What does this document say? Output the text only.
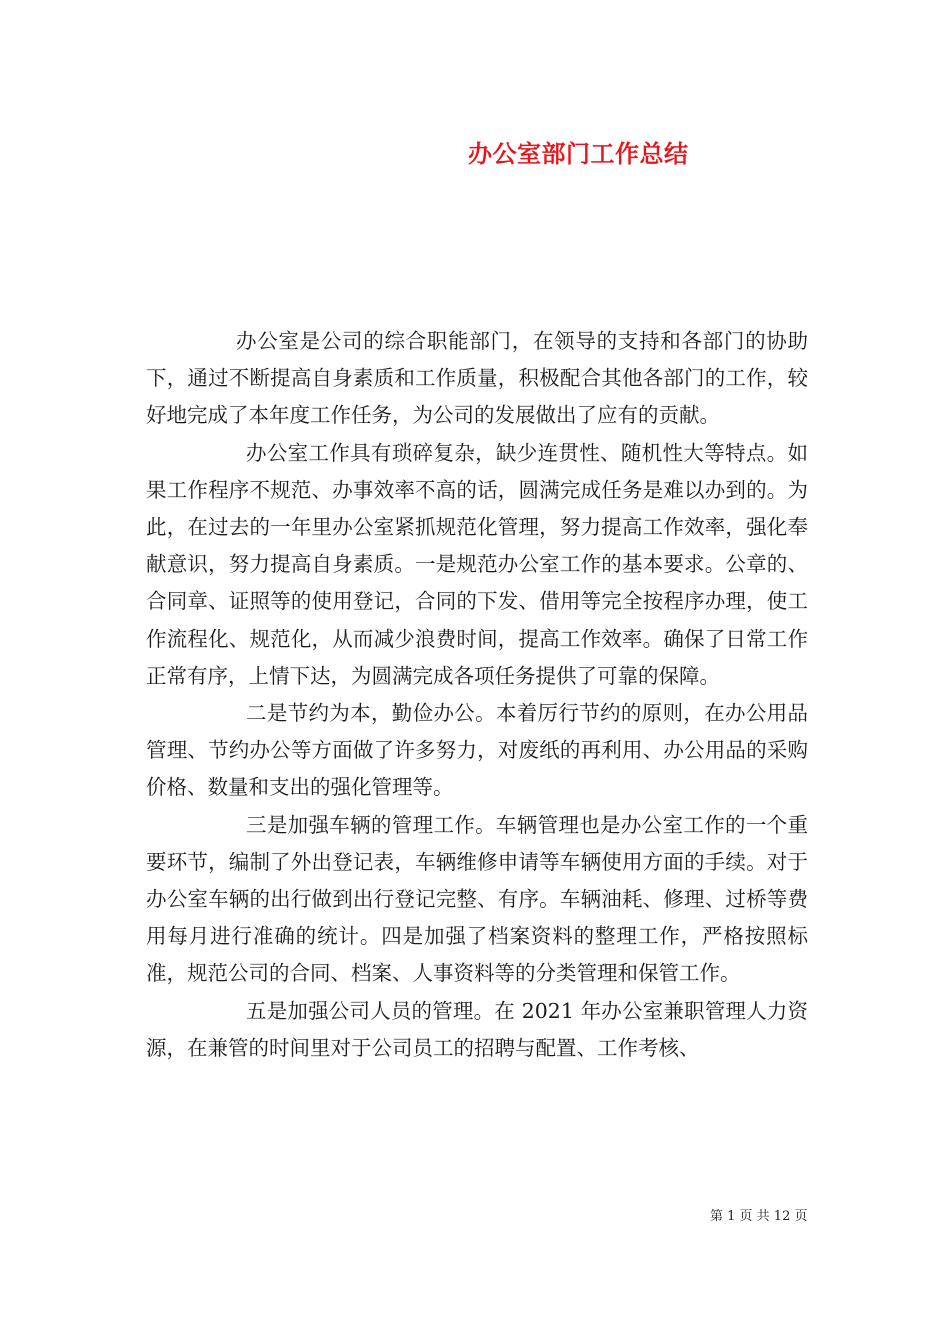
办公室部门工作总结

办公室是公司的综合职能部门，在领导的支持和各部门的协助下，通过不断提高自身素质和工作质量，积极配合其他各部门的工作，较好地完成了本年度工作任务，为公司的发展做出了应有的贡献。

办公室工作具有琐碎复杂，缺少连贯性、随机性大等特点。如果工作程序不规范、办事效率不高的话，圆满完成任务是难以办到的。为此，在过去的一年里办公室紧抓规范化管理，努力提高工作效率，强化奉献意识，努力提高自身素质。一是规范办公室工作的基本要求。公章的、合同章、证照等的使用登记，合同的下发、借用等完全按程序办理，使工作流程化、规范化，从而减少浪费时间，提高工作效率。确保了日常工作正常有序，上情下达，为圆满完成各项任务提供了可靠的保障。

二是节约为本，勤俭办公。本着厉行节约的原则，在办公用品管理、节约办公等方面做了许多努力，对废纸的再利用、办公用品的采购价格、数量和支出的强化管理等。

三是加强车辆的管理工作。车辆管理也是办公室工作的一个重要环节，编制了外出登记表，车辆维修申请等车辆使用方面的手续。对于办公室车辆的出行做到出行登记完整、有序。车辆油耗、修理、过桥等费用每月进行准确的统计。四是加强了档案资料的整理工作，严格按照标准，规范公司的合同、档案、人事资料等的分类管理和保管工作。

五是加强公司人员的管理。在 2021 年办公室兼职管理人力资源，在兼管的时间里对于公司员工的招聘与配置、工作考核、

第 1 页 共 12 页
